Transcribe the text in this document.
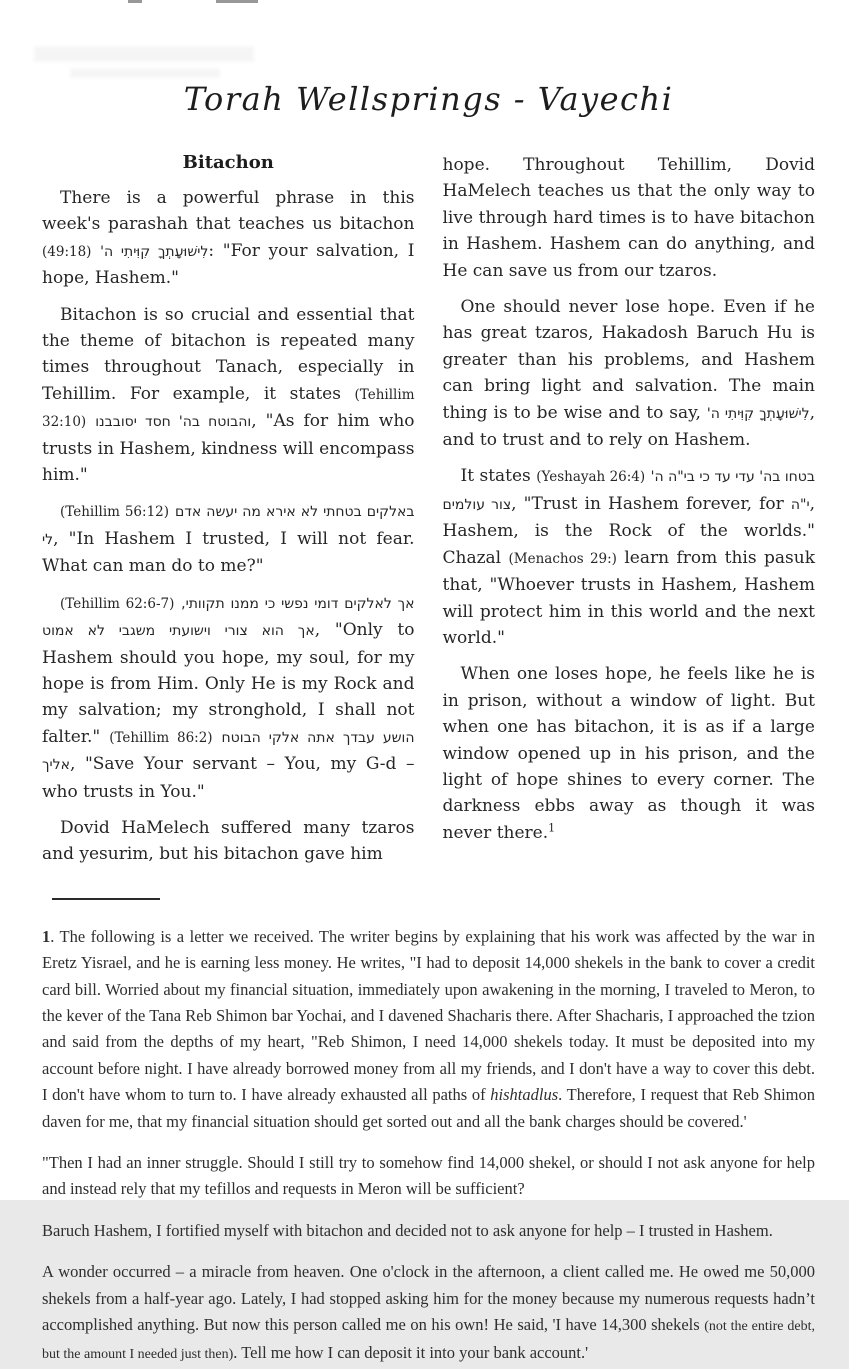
Torah Wellsprings - Vayechi
Bitachon

There is a powerful phrase in this week's parashah that teaches us bitachon (49:18) לִישׁוּעָתְךָ קִוִּיתִי ה': "For your salvation, I hope, Hashem."

Bitachon is so crucial and essential that the theme of bitachon is repeated many times throughout Tanach, especially in Tehillim. For example, it states (Tehillim 32:10) והבוטח בה' חסד יסובבנו, "As for him who trusts in Hashem, kindness will encompass him."

(Tehillim 56:12) באלקים בטחתי לא אירא מה יעשה אדם לי, "In Hashem I trusted, I will not fear. What can man do to me?"

(Tehillim 62:6-7) אך לאלקים דומי נפשי כי ממנו תקוותי, אך הוא צורי וישועתי משגבי לא אמוט, "Only to Hashem should you hope, my soul, for my hope is from Him. Only He is my Rock and my salvation; my stronghold, I shall not falter." (Tehillim 86:2) הושע עבדך אתה אלקי הבוטח אליך, "Save Your servant – You, my G-d – who trusts in You."

Dovid HaMelech suffered many tzaros and yesurim, but his bitachon gave him

hope. Throughout Tehillim, Dovid HaMelech teaches us that the only way to live through hard times is to have bitachon in Hashem. Hashem can do anything, and He can save us from our tzaros.

One should never lose hope. Even if he has great tzaros, Hakadosh Baruch Hu is greater than his problems, and Hashem can bring light and salvation. The main thing is to be wise and to say, לִישׁוּעָתְךָ קִוִּיתִי ה', and to trust and to rely on Hashem.

It states (Yeshayah 26:4) בטחו בה' עדי עד כי בי"ה ה' צור עולמים, "Trust in Hashem forever, for י"ה, Hashem, is the Rock of the worlds." Chazal (Menachos 29:) learn from this pasuk that, "Whoever trusts in Hashem, Hashem will protect him in this world and the next world."

When one loses hope, he feels like he is in prison, without a window of light. But when one has bitachon, it is as if a large window opened up in his prison, and the light of hope shines to every corner. The darkness ebbs away as though it was never there.$^1$

1. The following is a letter we received. The writer begins by explaining that his work was affected by the war in Eretz Yisrael, and he is earning less money. He writes, "I had to deposit 14,000 shekels in the bank to cover a credit card bill. Worried about my financial situation, immediately upon awakening in the morning, I traveled to Meron, to the kever of the Tana Reb Shimon bar Yochai, and I davened Shacharis there. After Shacharis, I approached the tzion and said from the depths of my heart, "Reb Shimon, I need 14,000 shekels today. It must be deposited into my account before night. I have already borrowed money from all my friends, and I don't have a way to cover this debt. I don't have whom to turn to. I have already exhausted all paths of hishtadlus. Therefore, I request that Reb Shimon daven for me, that my financial situation should get sorted out and all the bank charges should be covered.'

"Then I had an inner struggle. Should I still try to somehow find 14,000 shekel, or should I not ask anyone for help and instead rely that my tefillos and requests in Meron will be sufficient?

Baruch Hashem, I fortified myself with bitachon and decided not to ask anyone for help – I trusted in Hashem.

A wonder occurred – a miracle from heaven. One o'clock in the afternoon, a client called me. He owed me 50,000 shekels from a half-year ago. Lately, I had stopped asking him for the money because my numerous requests hadn’t accomplished anything. But now this person called me on his own! He said, 'I have 14,300 shekels (not the entire debt, but the amount I needed just then). Tell me how I can deposit it into your bank account.'
